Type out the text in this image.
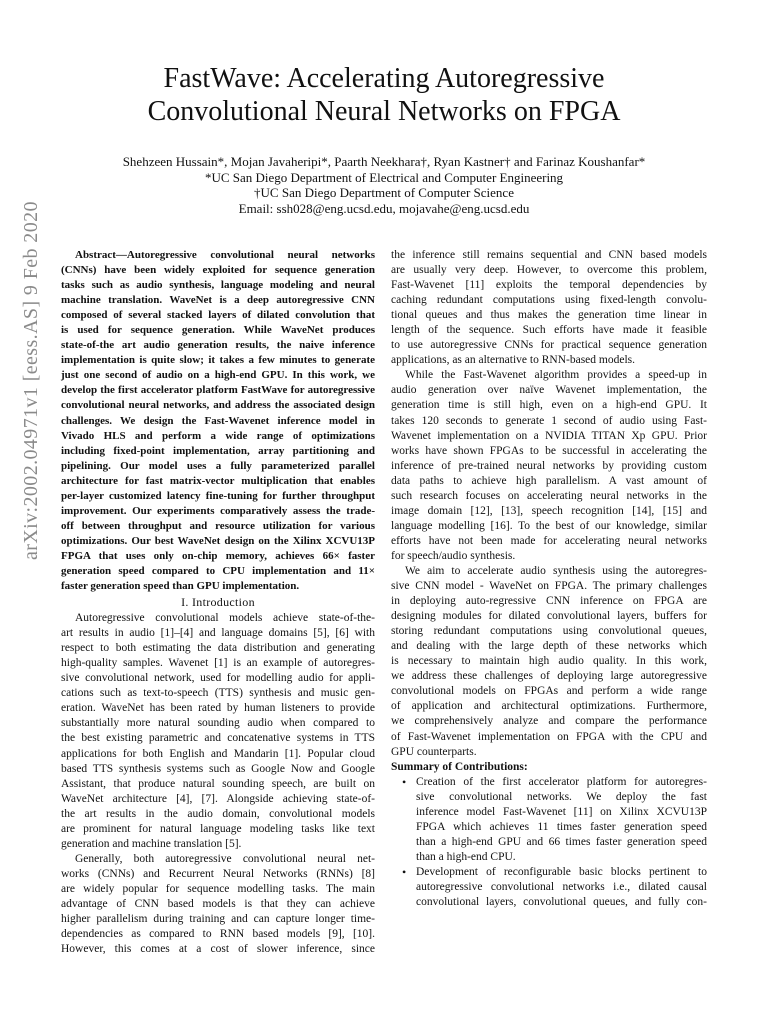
arXiv:2002.04971v1 [eess.AS] 9 Feb 2020
FastWave: Accelerating Autoregressive
Convolutional Neural Networks on FPGA
Shehzeen Hussain*, Mojan Javaheripi*, Paarth Neekhara†, Ryan Kastner† and Farinaz Koushanfar*
*UC San Diego Department of Electrical and Computer Engineering
†UC San Diego Department of Computer Science
Email: ssh028@eng.ucsd.edu, mojavahe@eng.ucsd.edu
Abstract—Autoregressive convolutional neural networks
(CNNs) have been widely exploited for sequence generation
tasks such as audio synthesis, language modeling and neural
machine translation. WaveNet is a deep autoregressive CNN
composed of several stacked layers of dilated convolution that
is used for sequence generation. While WaveNet produces
state-of-the art audio generation results, the naive inference
implementation is quite slow; it takes a few minutes to generate
just one second of audio on a high-end GPU. In this work, we
develop the first accelerator platform FastWave for autoregressive
convolutional neural networks, and address the associated design
challenges. We design the Fast-Wavenet inference model in
Vivado HLS and perform a wide range of optimizations
including fixed-point implementation, array partitioning and
pipelining. Our model uses a fully parameterized parallel
architecture for fast matrix-vector multiplication that enables
per-layer customized latency fine-tuning for further throughput
improvement. Our experiments comparatively assess the trade-
off between throughput and resource utilization for various
optimizations. Our best WaveNet design on the Xilinx XCVU13P
FPGA that uses only on-chip memory, achieves 66× faster
generation speed compared to CPU implementation and 11×
faster generation speed than GPU implementation.
I. Introduction
Autoregressive convolutional models achieve state-of-the-
art results in audio [1]–[4] and language domains [5], [6] with
respect to both estimating the data distribution and generating
high-quality samples. Wavenet [1] is an example of autoregres-
sive convolutional network, used for modelling audio for appli-
cations such as text-to-speech (TTS) synthesis and music gen-
eration. WaveNet has been rated by human listeners to provide
substantially more natural sounding audio when compared to
the best existing parametric and concatenative systems in TTS
applications for both English and Mandarin [1]. Popular cloud
based TTS synthesis systems such as Google Now and Google
Assistant, that produce natural sounding speech, are built on
WaveNet architecture [4], [7]. Alongside achieving state-of-
the art results in the audio domain, convolutional models
are prominent for natural language modeling tasks like text
generation and machine translation [5].
Generally, both autoregressive convolutional neural net-
works (CNNs) and Recurrent Neural Networks (RNNs) [8]
are widely popular for sequence modelling tasks. The main
advantage of CNN based models is that they can achieve
higher parallelism during training and can capture longer time-
dependencies as compared to RNN based models [9], [10].
However, this comes at a cost of slower inference, since
the inference still remains sequential and CNN based models
are usually very deep. However, to overcome this problem,
Fast-Wavenet [11] exploits the temporal dependencies by
caching redundant computations using fixed-length convolu-
tional queues and thus makes the generation time linear in
length of the sequence. Such efforts have made it feasible
to use autoregressive CNNs for practical sequence generation
applications, as an alternative to RNN-based models.
While the Fast-Wavenet algorithm provides a speed-up in
audio generation over naïve Wavenet implementation, the
generation time is still high, even on a high-end GPU. It
takes 120 seconds to generate 1 second of audio using Fast-
Wavenet implementation on a NVIDIA TITAN Xp GPU. Prior
works have shown FPGAs to be successful in accelerating the
inference of pre-trained neural networks by providing custom
data paths to achieve high parallelism. A vast amount of
such research focuses on accelerating neural networks in the
image domain [12], [13], speech recognition [14], [15] and
language modelling [16]. To the best of our knowledge, similar
efforts have not been made for accelerating neural networks
for speech/audio synthesis.
We aim to accelerate audio synthesis using the autoregres-
sive CNN model - WaveNet on FPGA. The primary challenges
in deploying auto-regressive CNN inference on FPGA are
designing modules for dilated convolutional layers, buffers for
storing redundant computations using convolutional queues,
and dealing with the large depth of these networks which
is necessary to maintain high audio quality. In this work,
we address these challenges of deploying large autoregressive
convolutional models on FPGAs and perform a wide range
of application and architectural optimizations. Furthermore,
we comprehensively analyze and compare the performance
of Fast-Wavenet implementation on FPGA with the CPU and
GPU counterparts.
Summary of Contributions:
• Creation of the first accelerator platform for autoregres-
sive convolutional networks. We deploy the fast
inference model Fast-Wavenet [11] on Xilinx XCVU13P
FPGA which achieves 11 times faster generation speed
than a high-end GPU and 66 times faster generation speed
than a high-end CPU.
• Development of reconfigurable basic blocks pertinent to
autoregressive convolutional networks i.e., dilated causal
convolutional layers, convolutional queues, and fully con-
